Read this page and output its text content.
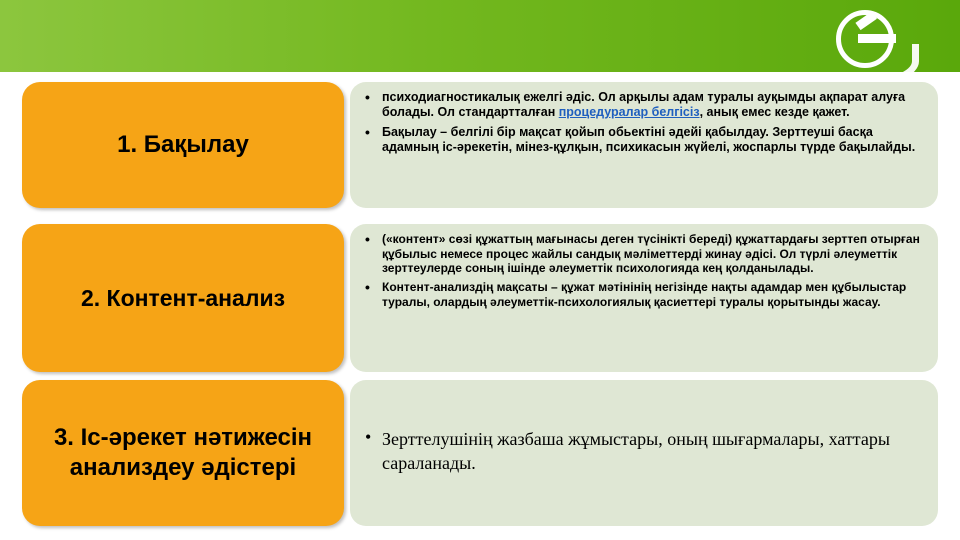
1. Бақылау
• психодиагностикалық ежелгі әдіс. Ол арқылы адам туралы ауқымды ақпарат алуға болады. Ол стандартталған процедуралар белгісіз, анық емес кезде қажет.
• Бақылау – белгілі бір мақсат қойып обьектіні әдейі қабылдау. Зерттеуші басқа адамның іс-әрекетін, мінез-құлқын, психикасын жүйелі, жоспарлы түрде бақылайды.
2. Контент-анализ
• («контент» сөзі құжаттың мағынасы деген түсінікті береді) құжаттардағы зерттеп отырған құбылыс немесе процес жайлы сандық мәліметтерді жинау әдісі. Ол түрлі әлеуметтік зерттеулерде соның ішінде әлеуметтік психологияда кең қолданылады.
• Контент-анализдің мақсаты – құжат мәтінінің негізінде нақты адамдар мен құбылыстар туралы, олардың әлеуметтік-психологиялық қасиеттері туралы қорытынды жасау.
3. Іс-әрекет нәтижесін анализдеу әдістері
• Зерттелушінің жазбаша жұмыстары, оның шығармалары, хаттары сараланады.
